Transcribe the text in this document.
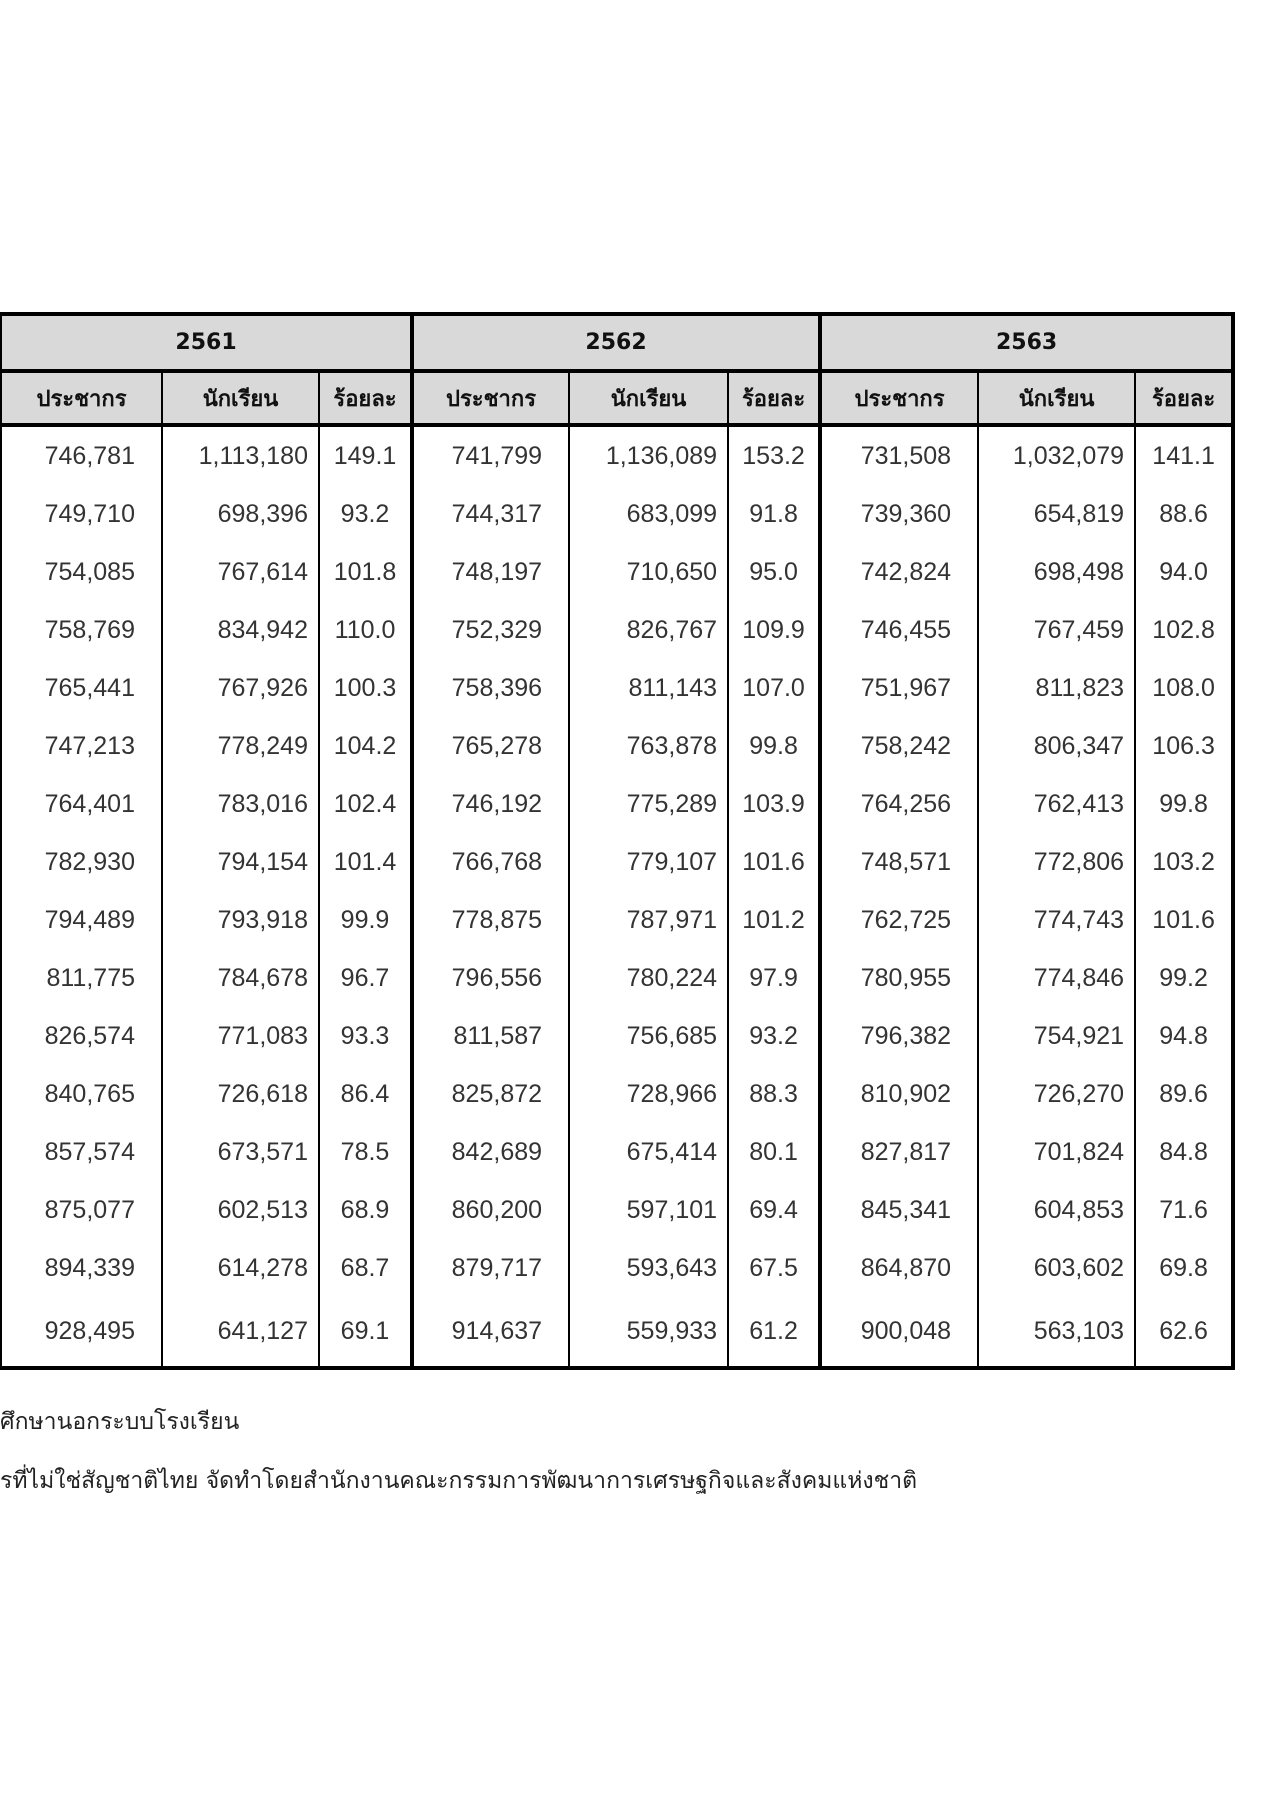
2561			2562			2563		
ประชากร	นักเรียน	ร้อยละ	ประชากร	นักเรียน	ร้อยละ	ประชากร	นักเรียน	ร้อยละ
746,781	1,113,180	149.1	741,799	1,136,089	153.2	731,508	1,032,079	141.1
749,710	698,396	93.2	744,317	683,099	91.8	739,360	654,819	88.6
754,085	767,614	101.8	748,197	710,650	95.0	742,824	698,498	94.0
758,769	834,942	110.0	752,329	826,767	109.9	746,455	767,459	102.8
765,441	767,926	100.3	758,396	811,143	107.0	751,967	811,823	108.0
747,213	778,249	104.2	765,278	763,878	99.8	758,242	806,347	106.3
764,401	783,016	102.4	746,192	775,289	103.9	764,256	762,413	99.8
782,930	794,154	101.4	766,768	779,107	101.6	748,571	772,806	103.2
794,489	793,918	99.9	778,875	787,971	101.2	762,725	774,743	101.6
811,775	784,678	96.7	796,556	780,224	97.9	780,955	774,846	99.2
826,574	771,083	93.3	811,587	756,685	93.2	796,382	754,921	94.8
840,765	726,618	86.4	825,872	728,966	88.3	810,902	726,270	89.6
857,574	673,571	78.5	842,689	675,414	80.1	827,817	701,824	84.8
875,077	602,513	68.9	860,200	597,101	69.4	845,341	604,853	71.6
894,339	614,278	68.7	879,717	593,643	67.5	864,870	603,602	69.8
928,495	641,127	69.1	914,637	559,933	61.2	900,048	563,103	62.6
ศึกษานอกระบบโรงเรียน
รที่ไม่ใช่สัญชาติไทย จัดทำโดยสำนักงานคณะกรรมการพัฒนาการเศรษฐกิจและสังคมแห่งชาติ
